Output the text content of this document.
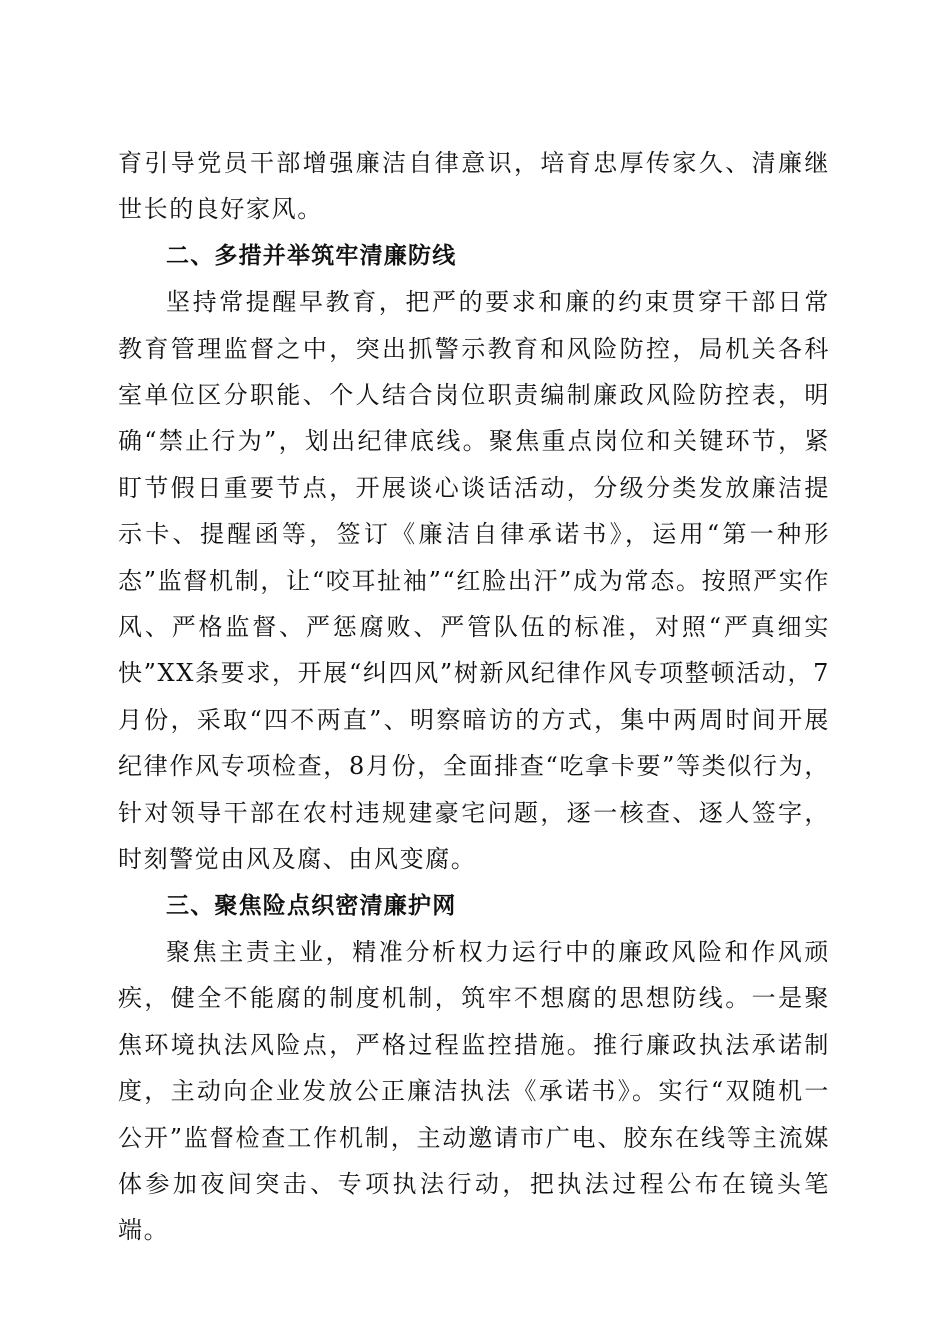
育引导党员干部增强廉洁自律意识，培育忠厚传家久、清廉继世长的良好家风。

二、多措并举筑牢清廉防线

坚持常提醒早教育，把严的要求和廉的约束贯穿干部日常教育管理监督之中，突出抓警示教育和风险防控，局机关各科室单位区分职能、个人结合岗位职责编制廉政风险防控表，明确“禁止行为”，划出纪律底线。聚焦重点岗位和关键环节，紧盯节假日重要节点，开展谈心谈话活动，分级分类发放廉洁提示卡、提醒函等，签订《廉洁自律承诺书》，运用“第一种形态”监督机制，让“咬耳扯袖”“红脸出汗”成为常态。按照严实作风、严格监督、严惩腐败、严管队伍的标准，对照“严真细实快”XX条要求，开展“纠四风”树新风纪律作风专项整顿活动，7月份，采取“四不两直”、明察暗访的方式，集中两周时间开展纪律作风专项检查，8月份，全面排查“吃拿卡要”等类似行为，针对领导干部在农村违规建豪宅问题，逐一核查、逐人签字，时刻警觉由风及腐、由风变腐。

三、聚焦险点织密清廉护网

聚焦主责主业，精准分析权力运行中的廉政风险和作风顽疾，健全不能腐的制度机制，筑牢不想腐的思想防线。一是聚焦环境执法风险点，严格过程监控措施。推行廉政执法承诺制度，主动向企业发放公正廉洁执法《承诺书》。实行“双随机一公开”监督检查工作机制，主动邀请市广电、胶东在线等主流媒体参加夜间突击、专项执法行动，把执法过程公布在镜头笔端。
